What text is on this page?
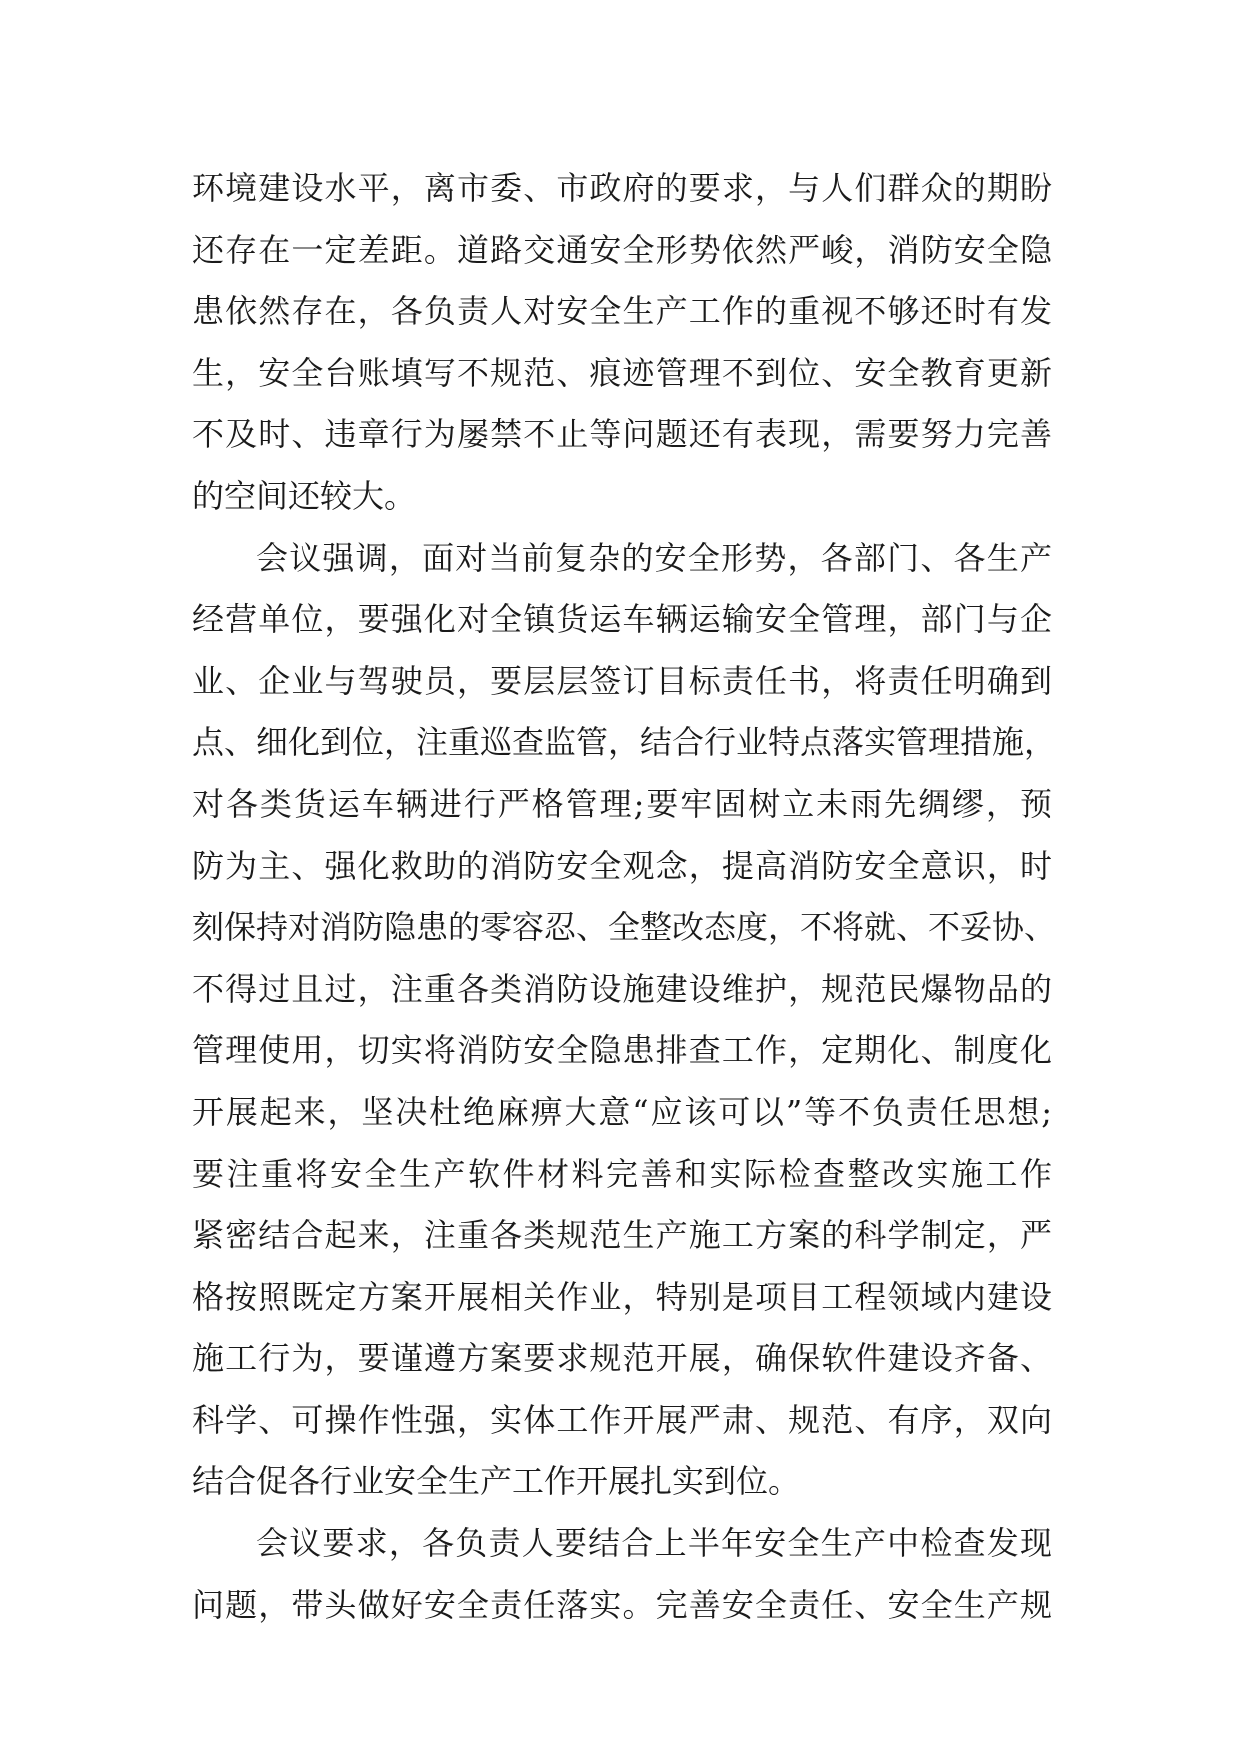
环境建设水平，离市委、市政府的要求，与人们群众的期盼
还存在一定差距。道路交通安全形势依然严峻，消防安全隐
患依然存在，各负责人对安全生产工作的重视不够还时有发
生，安全台账填写不规范、痕迹管理不到位、安全教育更新
不及时、违章行为屡禁不止等问题还有表现，需要努力完善
的空间还较大。
会议强调，面对当前复杂的安全形势，各部门、各生产
经营单位，要强化对全镇货运车辆运输安全管理，部门与企
业、企业与驾驶员，要层层签订目标责任书，将责任明确到
点、细化到位，注重巡查监管，结合行业特点落实管理措施，
对各类货运车辆进行严格管理;要牢固树立未雨先绸缪，预
防为主、强化救助的消防安全观念，提高消防安全意识，时
刻保持对消防隐患的零容忍、全整改态度，不将就、不妥协、
不得过且过，注重各类消防设施建设维护，规范民爆物品的
管理使用，切实将消防安全隐患排查工作，定期化、制度化
开展起来，坚决杜绝麻痹大意“应该可以”等不负责任思想;
要注重将安全生产软件材料完善和实际检查整改实施工作
紧密结合起来，注重各类规范生产施工方案的科学制定，严
格按照既定方案开展相关作业，特别是项目工程领域内建设
施工行为，要谨遵方案要求规范开展，确保软件建设齐备、
科学、可操作性强，实体工作开展严肃、规范、有序，双向
结合促各行业安全生产工作开展扎实到位。
会议要求，各负责人要结合上半年安全生产中检查发现
问题，带头做好安全责任落实。完善安全责任、安全生产规
